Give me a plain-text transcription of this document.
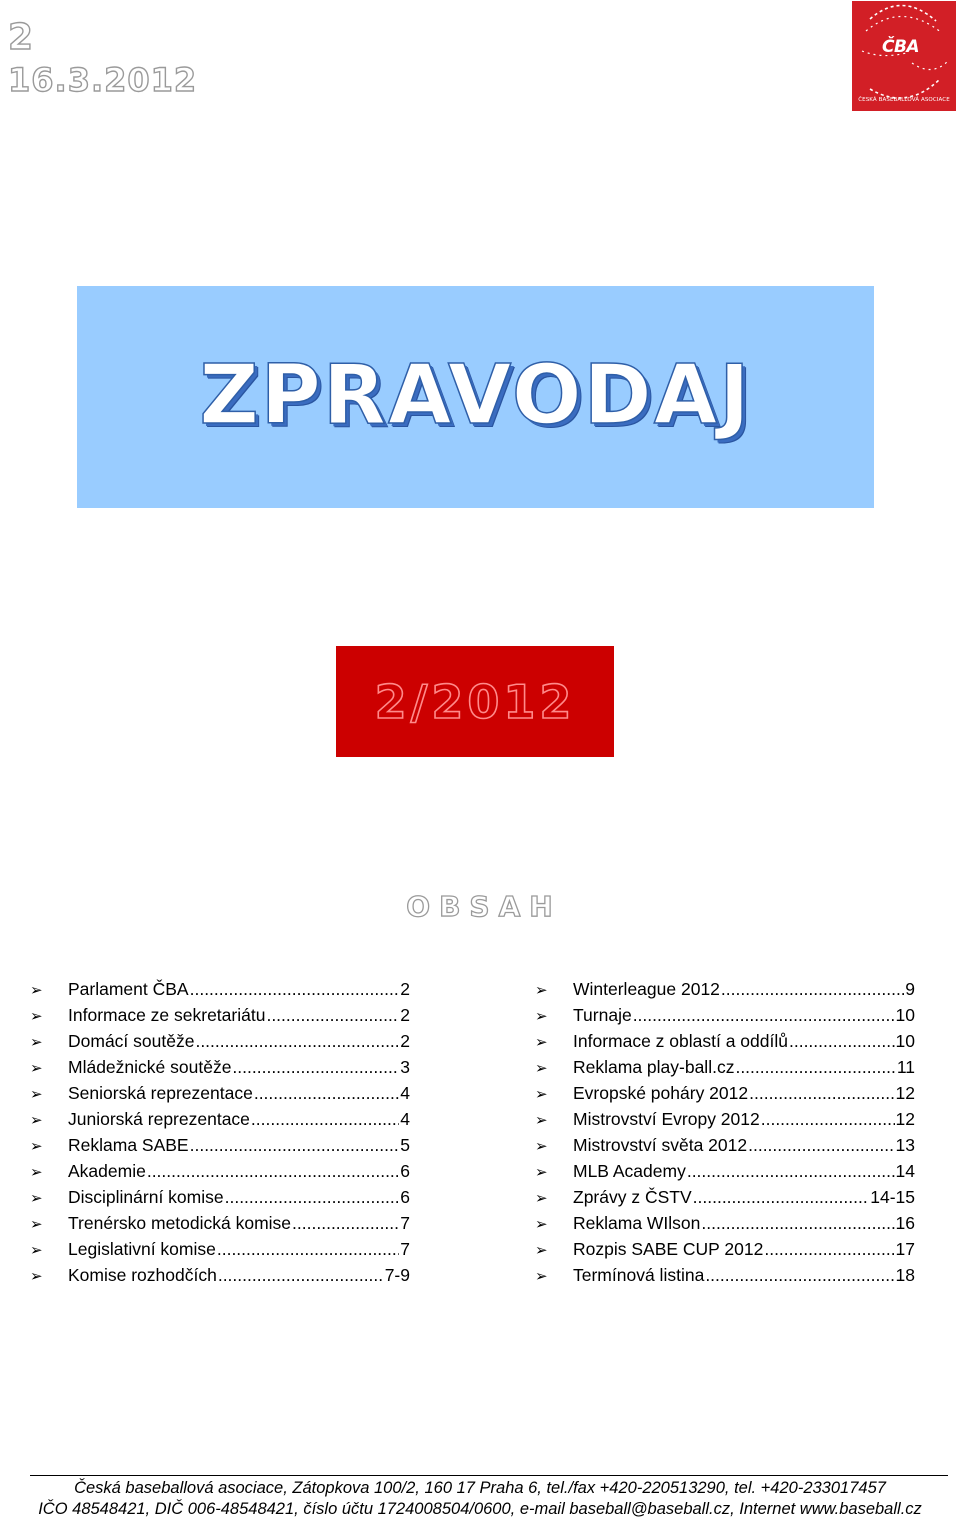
2
16.3.2012
ČBA
ČESKÁ BASEBALLOVÁ ASOCIACE
ZPRAVODAJ
2/2012
OBSAH
➢	Parlament ČBA .....	2
➢	Informace ze sekretariátu .....	2
➢	Domácí soutěže .....	2
➢	Mládežnické soutěže .....	3
➢	Seniorská reprezentace .....	4
➢	Juniorská reprezentace .....	4
➢	Reklama SABE .....	5
➢	Akademie .....	6
➢	Disciplinární komise .....	6
➢	Trenérsko metodická komise .....	7
➢	Legislativní komise .....	7
➢	Komise rozhodčích .....	7-9
➢	Winterleague 2012 .....	9
➢	Turnaje .....	10
➢	Informace z oblastí a oddílů .....	10
➢	Reklama play-ball.cz .....	11
➢	Evropské poháry 2012 .....	12
➢	Mistrovství Evropy 2012 .....	12
➢	Mistrovství světa 2012 .....	13
➢	MLB Academy .....	14
➢	Zprávy z ČSTV .....	14-15
➢	Reklama WIlson .....	16
➢	Rozpis SABE CUP 2012 .....	17
➢	Termínová listina .....	18
Česká baseballová asociace, Zátopkova 100/2, 160 17 Praha 6, tel./fax +420-220513290, tel. +420-233017457
IČO 48548421, DIČ 006-48548421, číslo účtu 1724008504/0600, e-mail baseball@baseball.cz, Internet www.baseball.cz
